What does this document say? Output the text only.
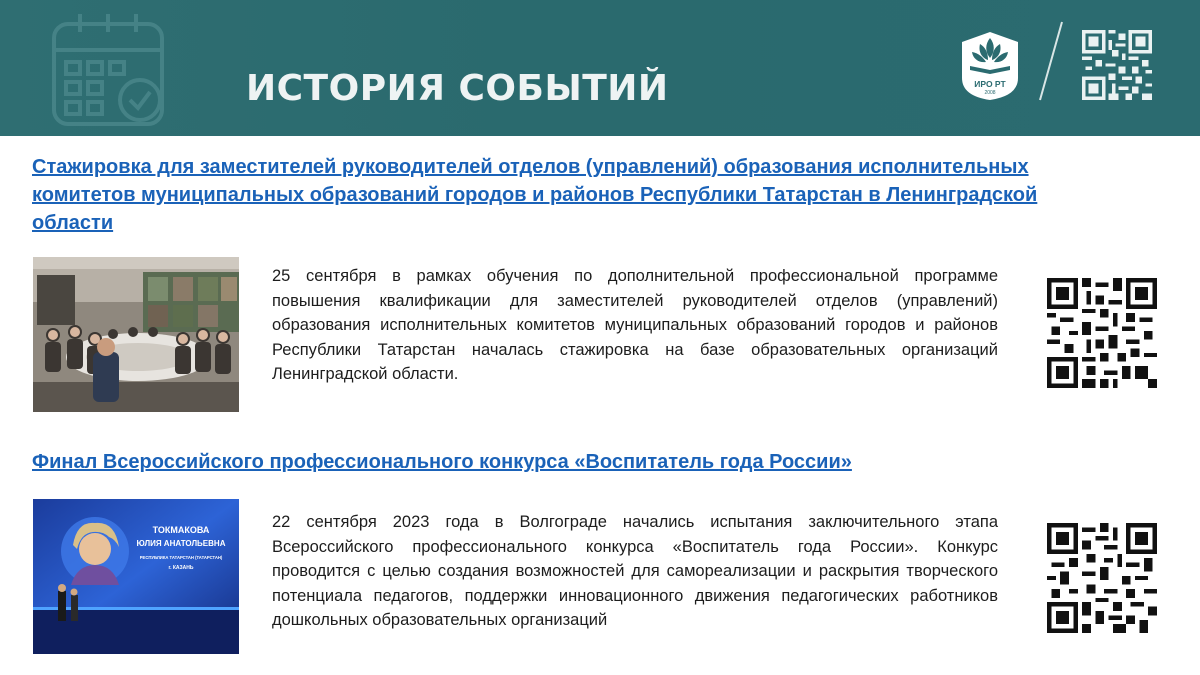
ИСТОРИЯ СОБЫТИЙ	ИРО РТ
2008
Стажировка для заместителей руководителей отделов (управлений) образования исполнительных комитетов муниципальных образований городов и районов Республики Татарстан в Ленинградской области
25 сентября в рамках обучения по дополнительной профессиональной программе повышения квалификации для заместителей руководителей отделов (управлений) образования исполнительных комитетов муниципальных образований городов и районов Республики Татарстан началась стажировка на базе образовательных организаций Ленинградской области.
Финал Всероссийского профессионального конкурса «Воспитатель года России»
ТОКМАКОВА
ЮЛИЯ АНАТОЛЬЕВНА
РЕСПУБЛИКА ТАТАРСТАН (ТАТАРСТАН)
г. КАЗАНЬ
22 сентября 2023 года в Волгограде начались испытания заключительного этапа Всероссийского профессионального конкурса «Воспитатель года России». Конкурс проводится с целью создания возможностей для самореализации и раскрытия творческого потенциала педагогов, поддержки инновационного движения педагогических работников дошкольных образовательных организаций
